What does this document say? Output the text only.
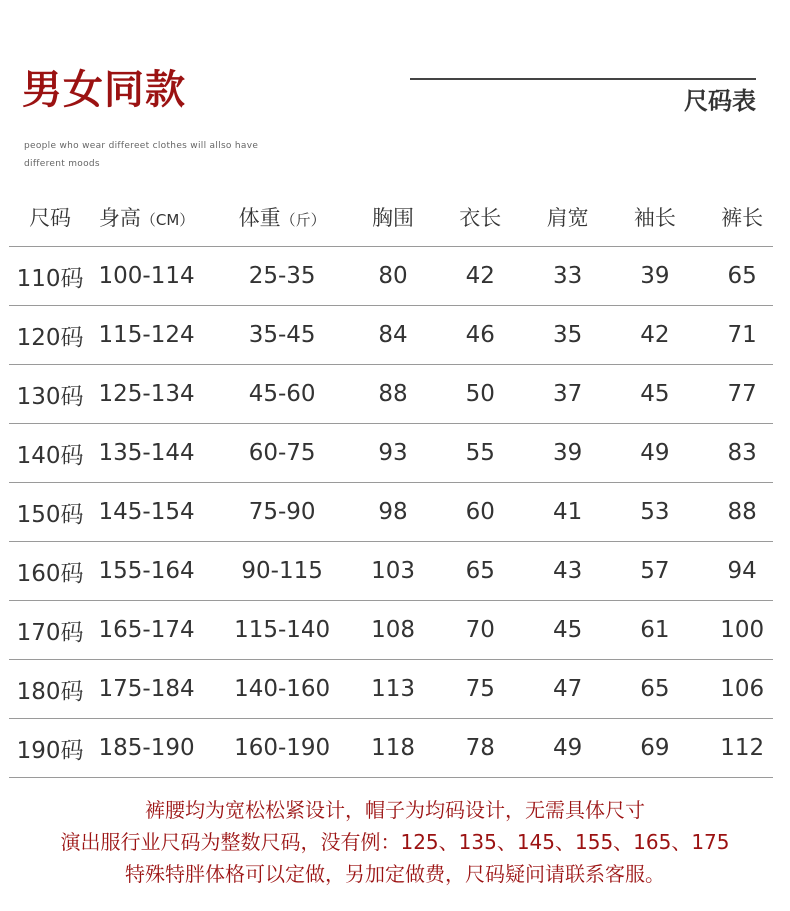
男女同款	尺码表
people who wear differeet clothes will allso have different moods
尺码	身高（CM）	体重（斤）	胸围	衣长	肩宽	袖长	裤长
110码	100-114	25-35	80	42	33	39	65
120码	115-124	35-45	84	46	35	42	71
130码	125-134	45-60	88	50	37	45	77
140码	135-144	60-75	93	55	39	49	83
150码	145-154	75-90	98	60	41	53	88
160码	155-164	90-115	103	65	43	57	94
170码	165-174	115-140	108	70	45	61	100
180码	175-184	140-160	113	75	47	65	106
190码	185-190	160-190	118	78	49	69	112
裤腰均为宽松松紧设计，帽子为均码设计，无需具体尺寸
演出服行业尺码为整数尺码，没有例：125、135、145、155、165、175
特殊特胖体格可以定做，另加定做费，尺码疑问请联系客服。
